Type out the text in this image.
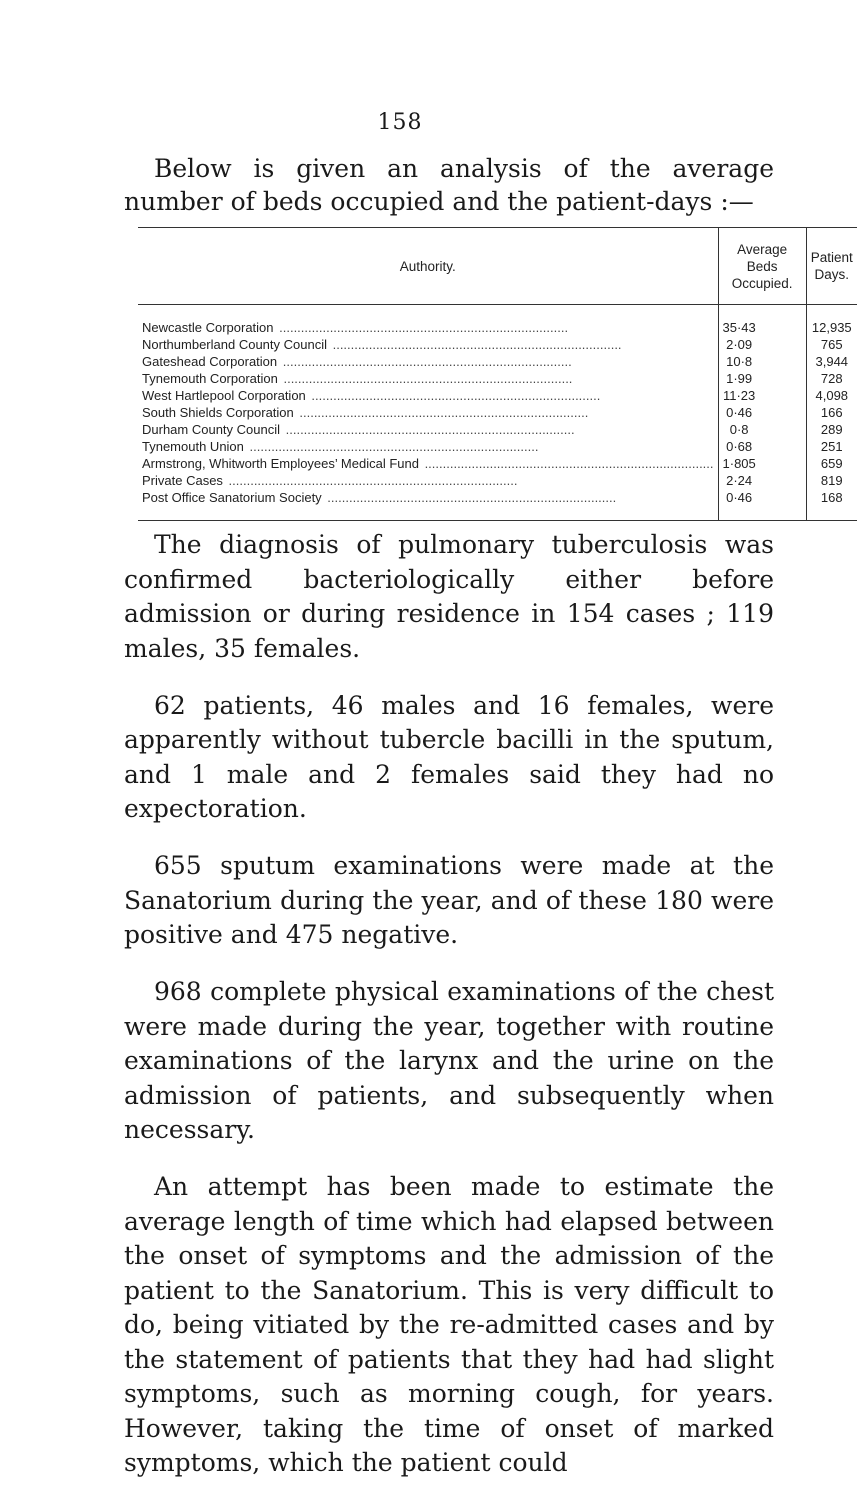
158

Below is given an analysis of the average number of beds occupied and the patient-days :—

Authority.	Average Beds Occupied.	Patient Days.
Newcastle Corporation ................................................................................	35·43	12,935
Northumberland County Council ................................................................................	2·09	765
Gateshead Corporation ................................................................................	10·8	3,944
Tynemouth Corporation ................................................................................	1·99	728
West Hartlepool Corporation ................................................................................	11·23	4,098
South Shields Corporation ................................................................................	0·46	166
Durham County Council ................................................................................	0·8	289
Tynemouth Union ................................................................................	0·68	251
Armstrong, Whitworth Employees’ Medical Fund ................................................................................	1·805	659
Private Cases ................................................................................	2·24	819
Post Office Sanatorium Society ................................................................................	0·46	168

The diagnosis of pulmonary tuberculosis was confirmed bacteriologically either before admission or during residence in 154 cases ; 119 males, 35 females.

62 patients, 46 males and 16 females, were apparently without tubercle bacilli in the sputum, and 1 male and 2 females said they had no expectoration.

655 sputum examinations were made at the Sanatorium during the year, and of these 180 were positive and 475 negative.

968 complete physical examinations of the chest were made during the year, together with routine examinations of the larynx and the urine on the admission of patients, and subsequently when necessary.

An attempt has been made to estimate the average length of time which had elapsed between the onset of symptoms and the admission of the patient to the Sanatorium. This is very difficult to do, being vitiated by the re-admitted cases and by the statement of patients that they had had slight symptoms, such as morning cough, for years. However, taking the time of onset of marked symptoms, which the patient could
